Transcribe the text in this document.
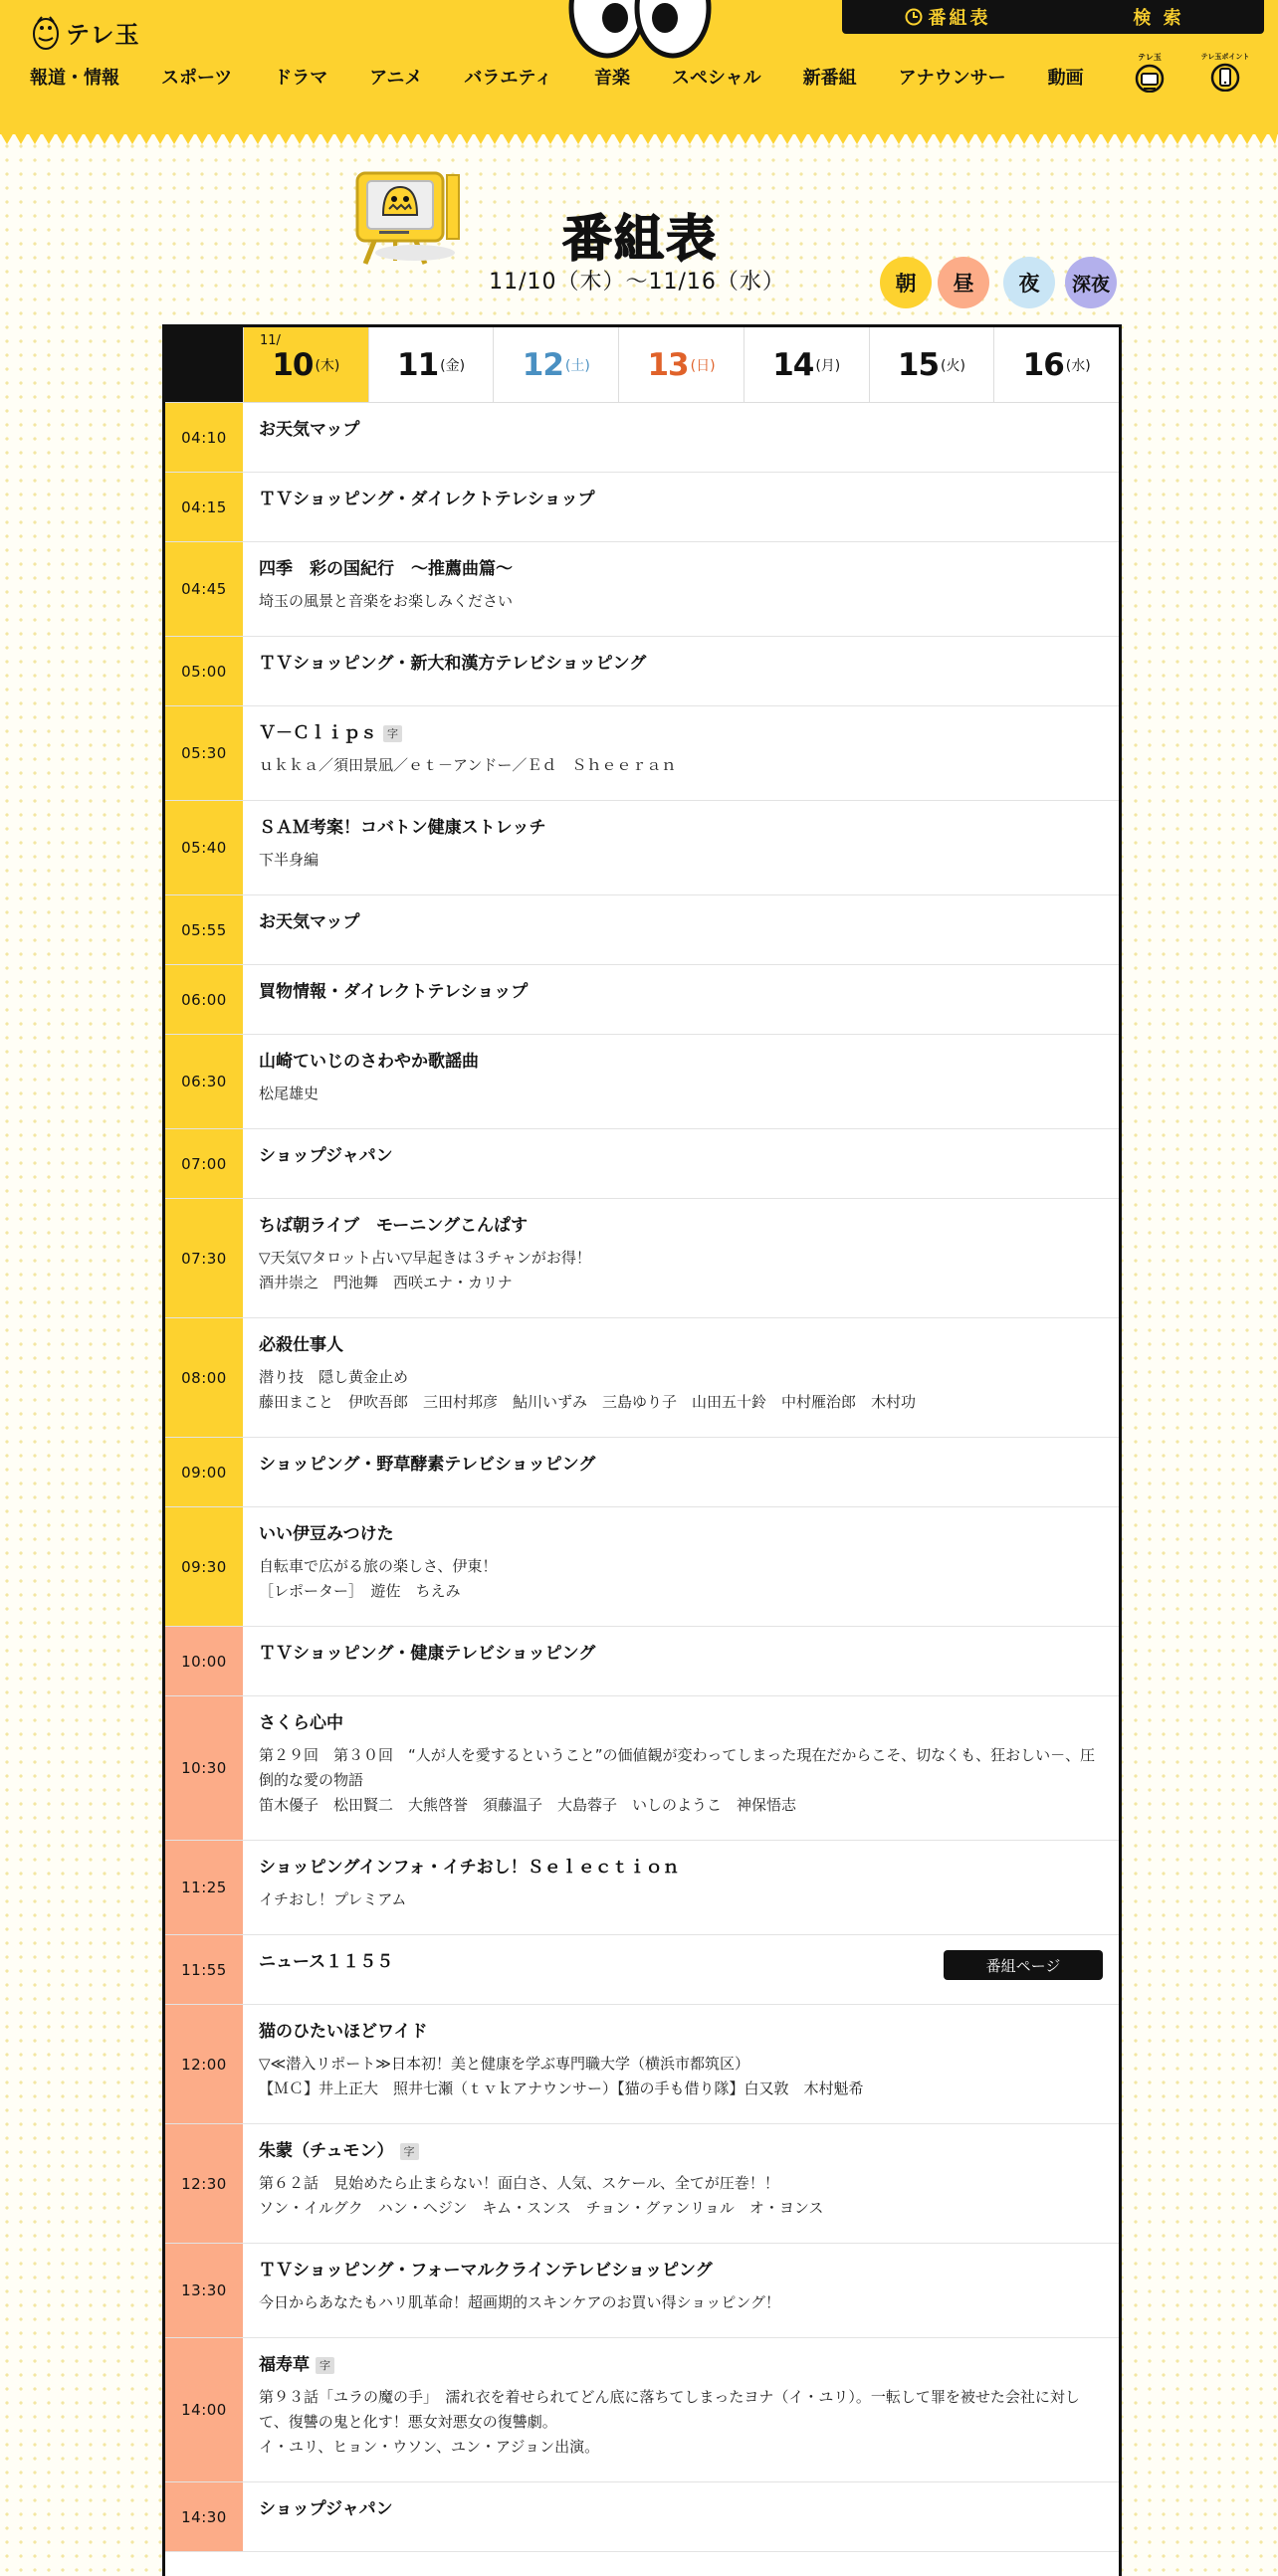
テレ玉
番組表	検 索
報道・情報 スポーツ ドラマ アニメ バラエティ 音楽 スペシャル 新番組 アナウンサー 動画
テレ玉	テレ玉ポイント
番組表
11/10（木）〜11/16（水）	朝 昼 夜 深夜
11/
10 (木) 11 (金) 12 (土) 13 (日) 14 (月) 15 (火) 16 (水)
04:10	お天気マップ
04:15	ＴＶショッピング・ダイレクトテレショップ
04:45
四季　彩の国紀行　～推薦曲篇～
埼玉の風景と音楽をお楽しみください
05:00	ＴＶショッピング・新大和漢方テレビショッピング
05:30
Ｖ－Ｃｌｉｐｓ 字
ｕｋｋａ／須田景凪／ｅｔ－アンドー／Ｅｄ　Ｓｈｅｅｒａｎ
05:40
ＳＡＭ考案！コバトン健康ストレッチ
下半身編
05:55	お天気マップ
06:00	買物情報・ダイレクトテレショップ
06:30
山崎ていじのさわやか歌謡曲
松尾雄史
07:00	ショップジャパン
07:30
ちば朝ライブ　モーニングこんぱす
▽天気▽タロット占い▽早起きは３チャンがお得！
酒井崇之　門池舞　西咲エナ・カリナ
08:00
必殺仕事人
潜り技　隠し黄金止め
藤田まこと　伊吹吾郎　三田村邦彦　鮎川いずみ　三島ゆり子　山田五十鈴　中村雁治郎　木村功
09:00	ショッピング・野草酵素テレビショッピング
09:30
いい伊豆みつけた
自転車で広がる旅の楽しさ、伊東！
［レポーター］　遊佐　ちえみ
10:00	ＴＶショッピング・健康テレビショッピング
10:30
さくら心中
第２９回　第３０回　“人が人を愛するということ”の価値観が変わってしまった現在だからこそ、切なくも、狂おしい－、圧倒的な愛の物語
笛木優子　松田賢二　大熊啓誉　須藤温子　大島蓉子　いしのようこ　神保悟志
11:25
ショッピングインフォ・イチおし！Ｓｅｌｅｃｔｉｏｎ
イチおし！プレミアム
11:55	ニュース１１５５	番組ページ
12:00
猫のひたいほどワイド
▽≪潜入リポート≫日本初！美と健康を学ぶ専門職大学（横浜市都筑区）
【ＭＣ】井上正大　照井七瀬（ｔｖｋアナウンサー）【猫の手も借り隊】白又敦　木村魁希
12:30
朱蒙（チュモン） 字
第６２話　見始めたら止まらない！面白さ、人気、スケール、全てが圧巻！！
ソン・イルグク　ハン・ヘジン　キム・スンス　チョン・グァンリョル　オ・ヨンス
13:30
ＴＶショッピング・フォーマルクラインテレビショッピング
今日からあなたもハリ肌革命！超画期的スキンケアのお買い得ショッピング！
14:00
福寿草 字
第９３話「ユラの魔の手」　濡れ衣を着せられてどん底に落ちてしまったヨナ（イ・ユリ）。一転して罪を被せた会社に対して、復讐の鬼と化す！悪女対悪女の復讐劇。
イ・ユリ、ヒョン・ウソン、ユン・アジョン出演。
14:30	ショップジャパン
